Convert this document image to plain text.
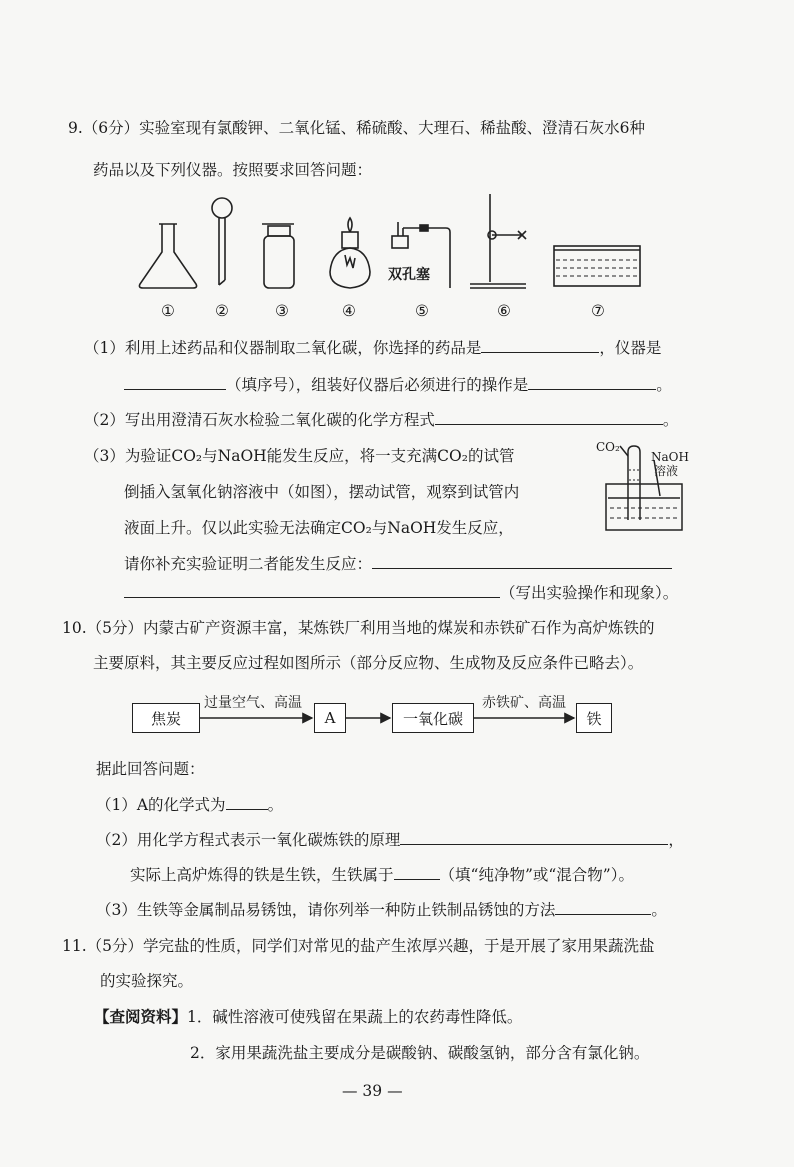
9.（6分）实验室现有氯酸钾、二氧化锰、稀硫酸、大理石、稀盐酸、澄清石灰水6种
药品以及下列仪器。按照要求回答问题：
双孔塞
①	②	③	④	⑤	⑥	⑦
（1）利用上述药品和仪器制取二氧化碳，你选择的药品是	，仪器是
（填序号），组装好仪器后必须进行的操作是	。
（2）写出用澄清石灰水检验二氧化碳的化学方程式	。
（3）为验证CO₂与NaOH能发生反应，将一支充满CO₂的试管
倒插入氢氧化钠溶液中（如图），摆动试管，观察到试管内
液面上升。仅以此实验无法确定CO₂与NaOH发生反应，
请你补充实验证明二者能发生反应：
（写出实验操作和现象）。
CO₂
NaOH
溶液
10.（5分）内蒙古矿产资源丰富，某炼铁厂利用当地的煤炭和赤铁矿石作为高炉炼铁的
主要原料，其主要反应过程如图所示（部分反应物、生成物及反应条件已略去）。
焦炭	A	一氧化碳	铁
过量空气、高温	赤铁矿、高温
据此回答问题：
（1）A的化学式为	。
（2）用化学方程式表示一氧化碳炼铁的原理	，
实际上高炉炼得的铁是生铁，生铁属于	（填“纯净物”或“混合物”）。
（3）生铁等金属制品易锈蚀，请你列举一种防止铁制品锈蚀的方法	。
11.（5分）学完盐的性质，同学们对常见的盐产生浓厚兴趣，于是开展了家用果蔬洗盐
的实验探究。
【查阅资料】1．碱性溶液可使残留在果蔬上的农药毒性降低。
2．家用果蔬洗盐主要成分是碳酸钠、碳酸氢钠，部分含有氯化钠。
— 39 —
